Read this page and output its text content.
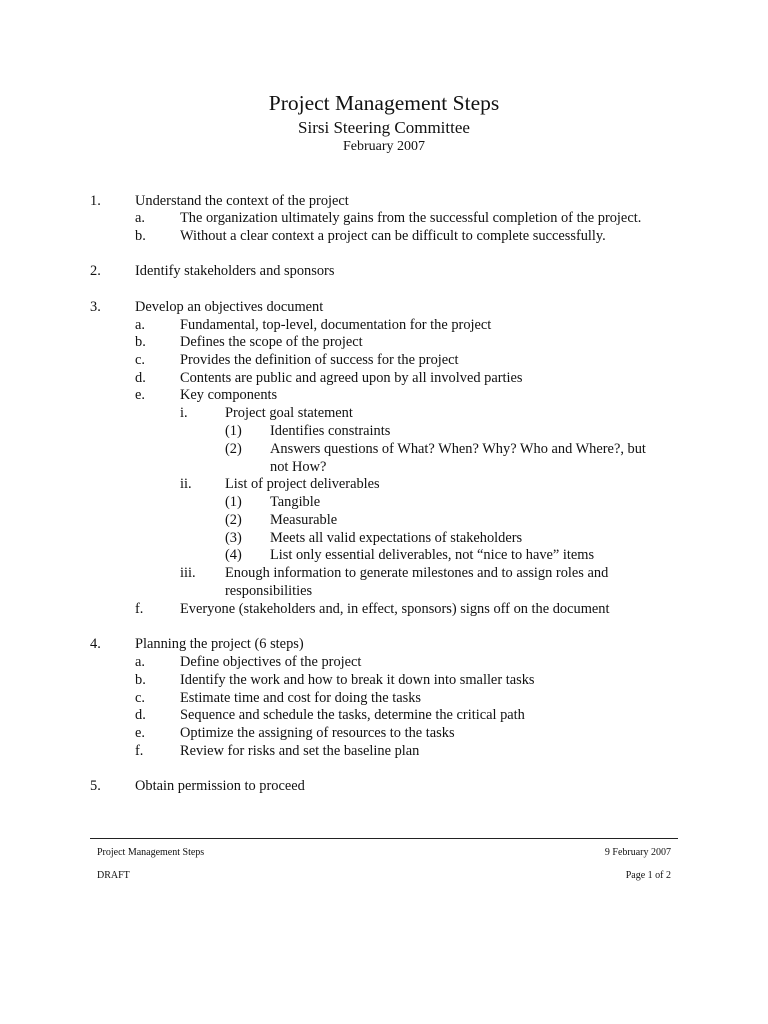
Project Management Steps
Sirsi Steering Committee
February 2007
1. Understand the context of the project
a. The organization ultimately gains from the successful completion of the project.
b. Without a clear context a project can be difficult to complete successfully.
2. Identify stakeholders and sponsors
3. Develop an objectives document
a. Fundamental, top-level, documentation for the project
b. Defines the scope of the project
c. Provides the definition of success for the project
d. Contents are public and agreed upon by all involved parties
e. Key components
i.	Project goal statement
(1) Identifies constraints
(2) Answers questions of What? When? Why? Who and Where?, but
not How?
ii. List of project deliverables
(1) Tangible
(2) Measurable
(3) Meets all valid expectations of stakeholders
(4) List only essential deliverables, not “nice to have” items
iii. Enough information to generate milestones and to assign roles and
responsibilities
f.	Everyone (stakeholders and, in effect, sponsors) signs off on the document
4. Planning the project (6 steps)
a. Define objectives of the project
b. Identify the work and how to break it down into smaller tasks
c. Estimate time and cost for doing the tasks
d. Sequence and schedule the tasks, determine the critical path
e. Optimize the assigning of resources to the tasks
f.	Review for risks and set the baseline plan
5. Obtain permission to proceed
Project Management Steps	9 February 2007
DRAFT	Page 1 of 2
